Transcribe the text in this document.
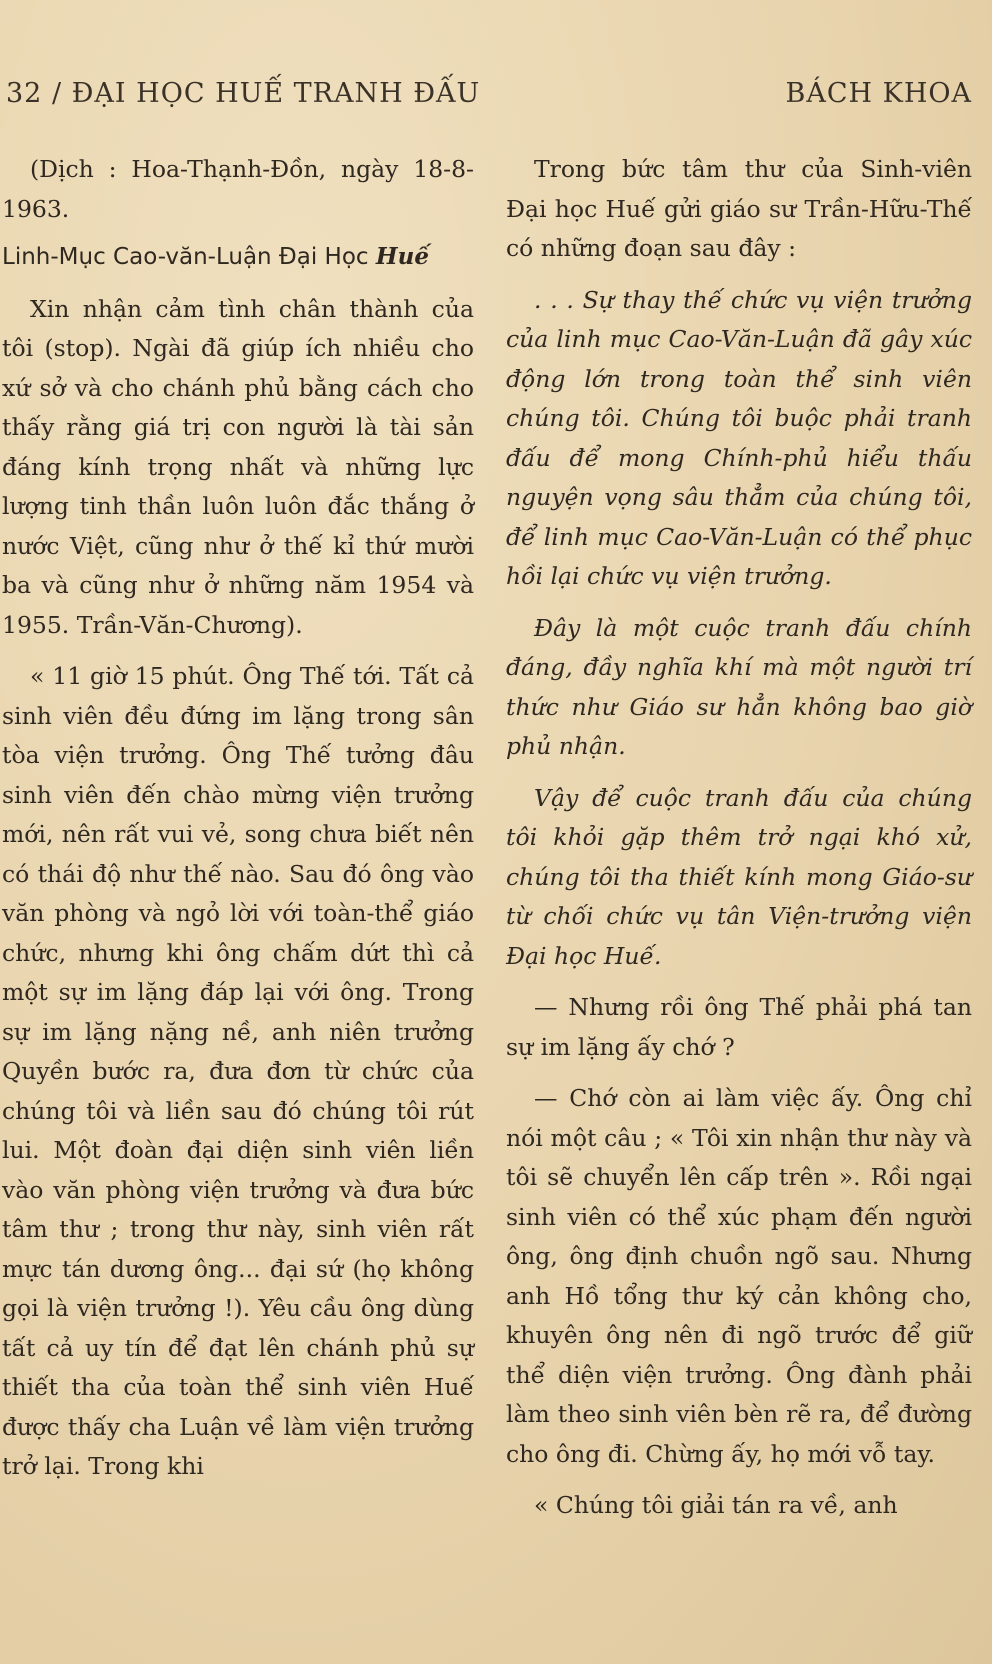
32 / ĐẠI HỌC HUẾ TRANH ĐẤU	BÁCH KHOA

(Dịch : Hoa-Thạnh-Đồn, ngày 18-8-1963.

Linh-Mục Cao-văn-Luận Đại Học Huế

Xin nhận cảm tình chân thành của tôi (stop). Ngài đã giúp ích nhiều cho xứ sở và cho chánh phủ bằng cách cho thấy rằng giá trị con người là tài sản đáng kính trọng nhất và những lực lượng tinh thần luôn luôn đắc thắng ở nước Việt, cũng như ở thế kỉ thứ mười ba và cũng như ở những năm 1954 và 1955. Trần-Văn-Chương).

« 11 giờ 15 phút. Ông Thế tới. Tất cả sinh viên đều đứng im lặng trong sân tòa viện trưởng. Ông Thế tưởng đâu sinh viên đến chào mừng viện trưởng mới, nên rất vui vẻ, song chưa biết nên có thái độ như thế nào. Sau đó ông vào văn phòng và ngỏ lời với toàn-thể giáo chức, nhưng khi ông chấm dứt thì cả một sự im lặng đáp lại với ông. Trong sự im lặng nặng nề, anh niên trưởng Quyền bước ra, đưa đơn từ chức của chúng tôi và liền sau đó chúng tôi rút lui. Một đoàn đại diện sinh viên liền vào văn phòng viện trưởng và đưa bức tâm thư ; trong thư này, sinh viên rất mực tán dương ông... đại sứ (họ không gọi là viện trưởng !). Yêu cầu ông dùng tất cả uy tín để đạt lên chánh phủ sự thiết tha của toàn thể sinh viên Huế được thấy cha Luận về làm viện trưởng trở lại. Trong khi

Trong bức tâm thư của Sinh-viên Đại học Huế gửi giáo sư Trần-Hữu-Thế có những đoạn sau đây :

. . . Sự thay thế chức vụ viện trưởng của linh mục Cao-Văn-Luận đã gây xúc động lớn trong toàn thể sinh viên chúng tôi. Chúng tôi buộc phải tranh đấu để mong Chính-phủ hiểu thấu nguyện vọng sâu thẳm của chúng tôi, để linh mục Cao-Văn-Luận có thể phục hồi lại chức vụ viện trưởng.

Đây là một cuộc tranh đấu chính đáng, đầy nghĩa khí mà một người trí thức như Giáo sư hẳn không bao giờ phủ nhận.

Vậy để cuộc tranh đấu của chúng tôi khỏi gặp thêm trở ngại khó xử, chúng tôi tha thiết kính mong Giáo-sư từ chối chức vụ tân Viện-trưởng viện Đại học Huế.

— Nhưng rồi ông Thế phải phá tan sự im lặng ấy chớ ?

— Chớ còn ai làm việc ấy. Ông chỉ nói một câu ; « Tôi xin nhận thư này và tôi sẽ chuyển lên cấp trên ». Rồi ngại sinh viên có thể xúc phạm đến người ông, ông định chuồn ngõ sau. Nhưng anh Hồ tổng thư ký cản không cho, khuyên ông nên đi ngõ trước để giữ thể diện viện trưởng. Ông đành phải làm theo sinh viên bèn rẽ ra, để đường cho ông đi. Chừng ấy, họ mới vỗ tay.

« Chúng tôi giải tán ra về, anh
